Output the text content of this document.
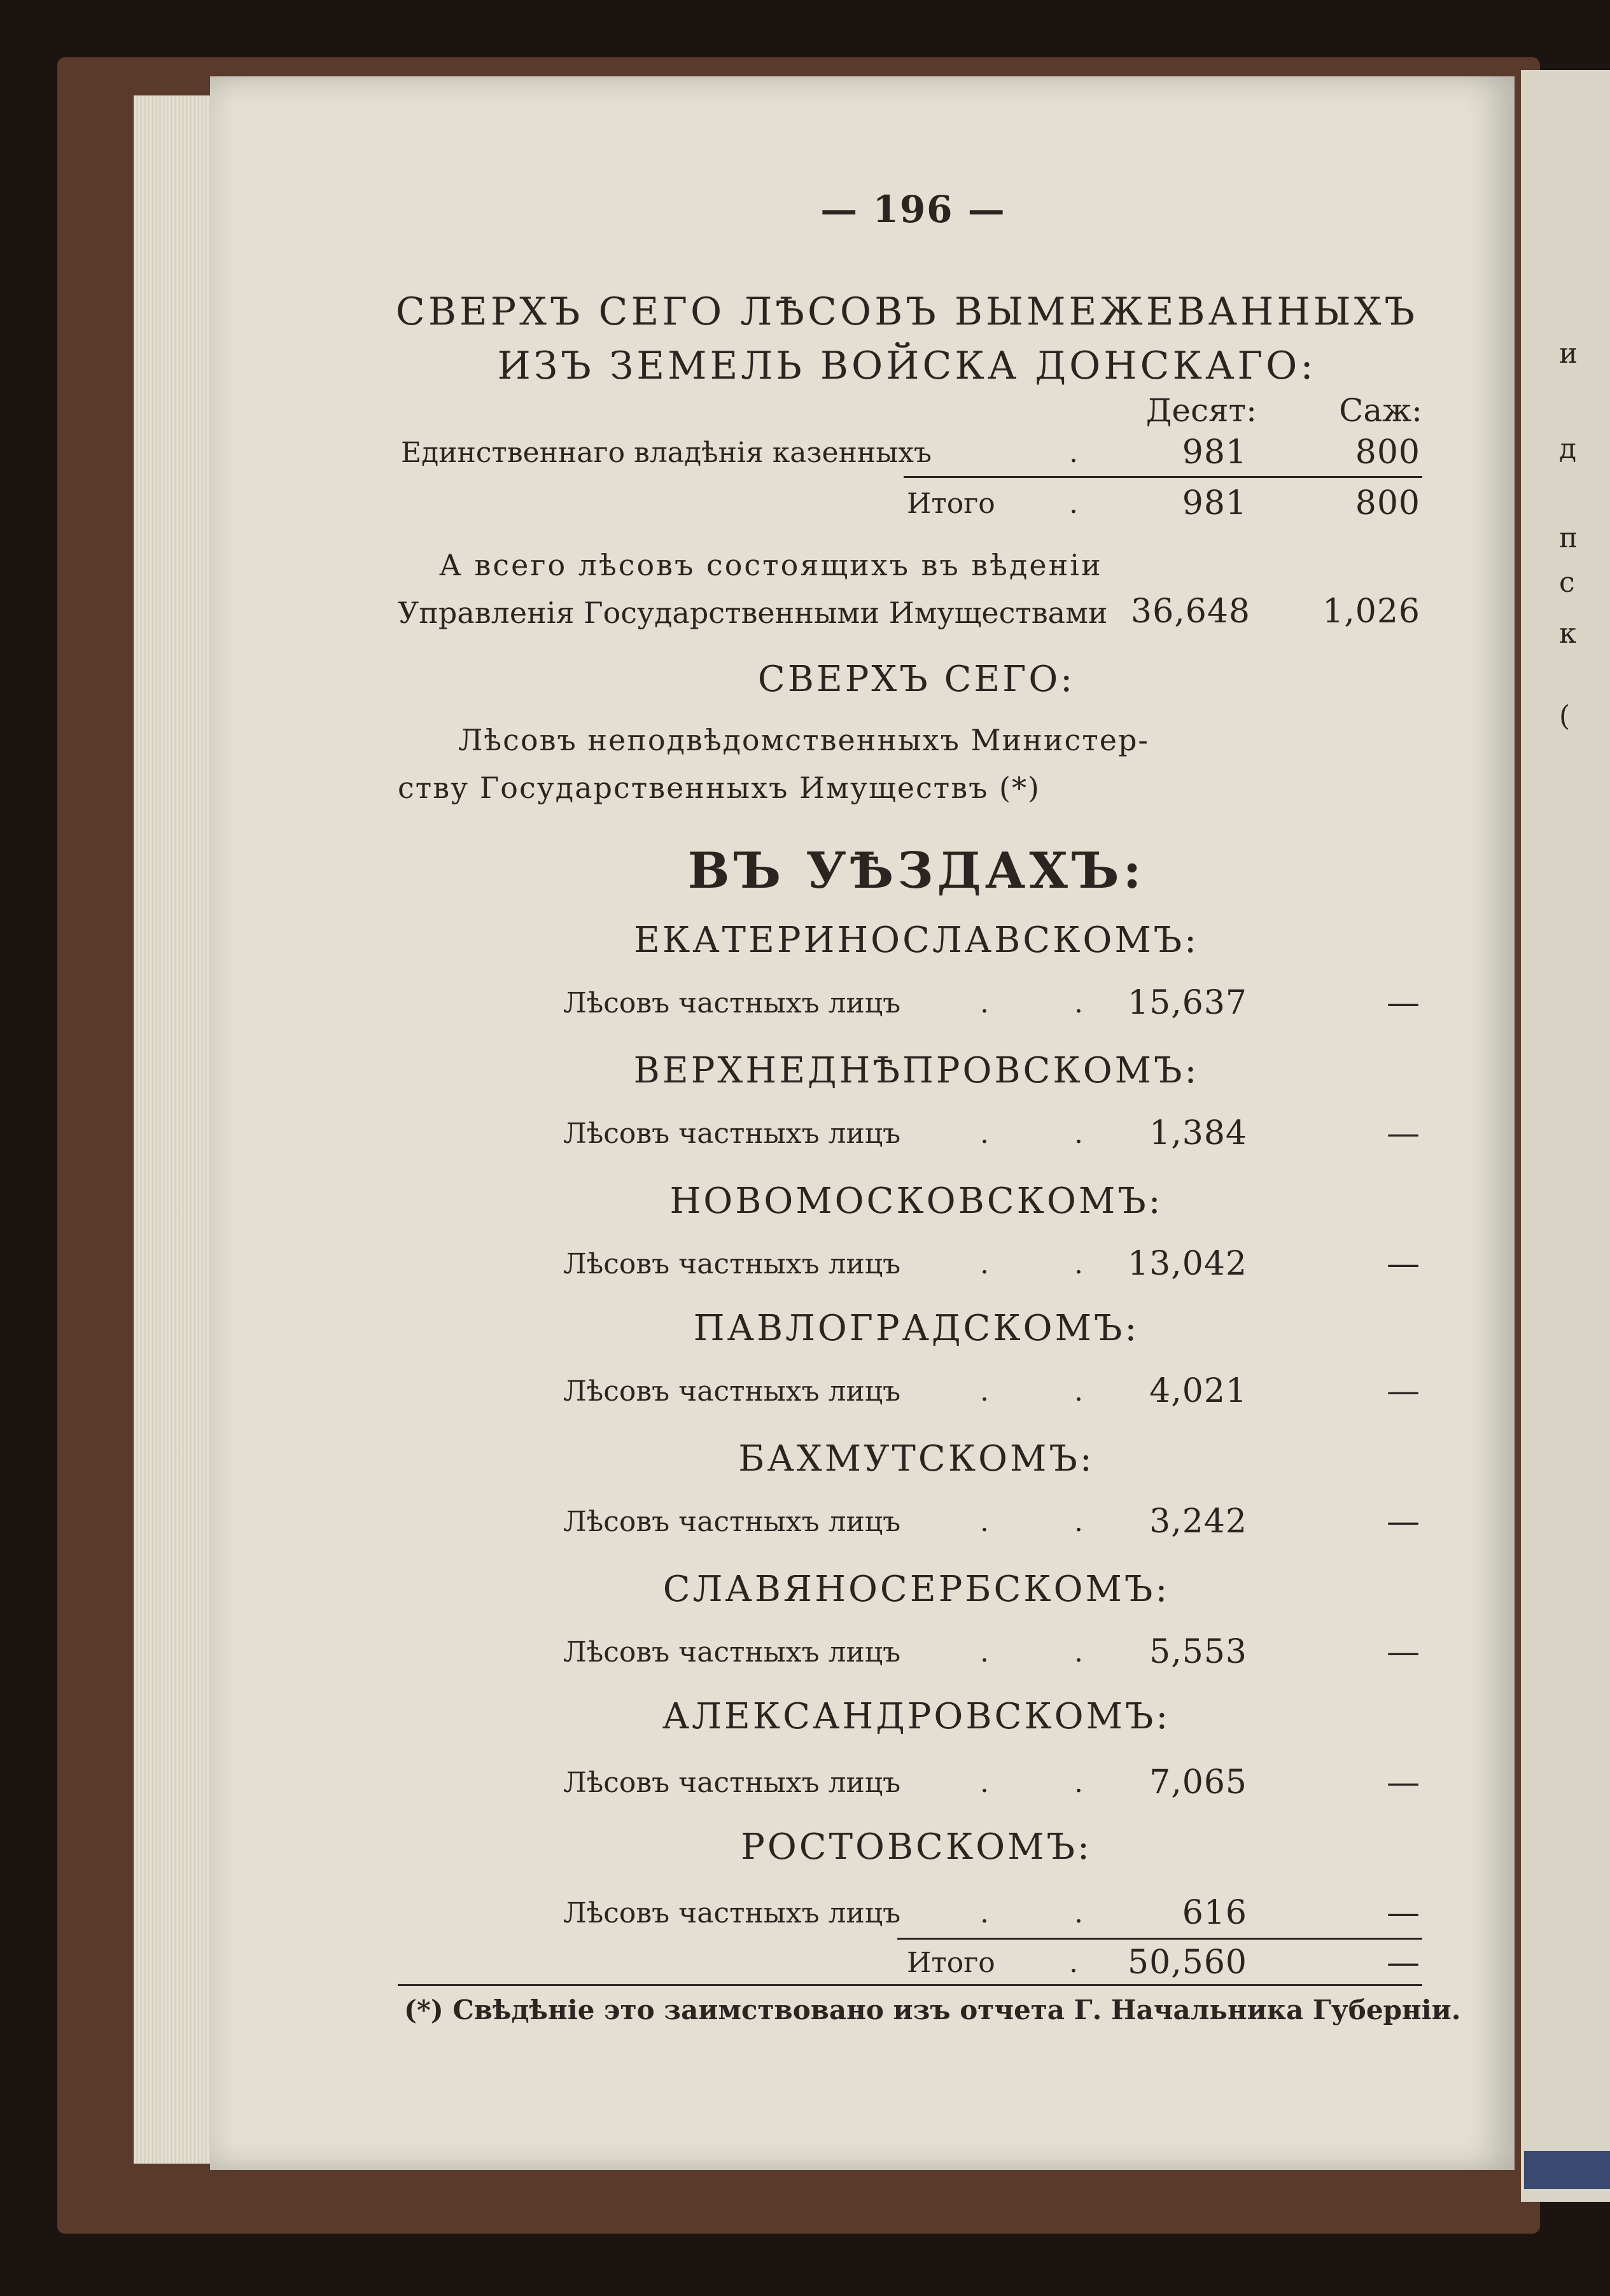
и
д
п
с
к
(
— 196 —
СВЕРХЪ СЕГО ЛѢСОВЪ ВЫМЕЖЕВАННЫХЪ
ИЗЪ ЗЕМЕЛЬ ВОЙСКА ДОНСКАГО:
Десят:	Саж:
Единственнаго владѣнія казенныхъ	.	981	800
Итого	.	981	800
А всего лѣсовъ состоящихъ въ вѣденіи
Управленія Государственными Имуществами 36,648 1,026
СВЕРХЪ СЕГО:
Лѣсовъ неподвѣдомственныхъ Министер-
ству Государственныхъ Имуществъ (*)
ВЪ УѢЗДАХЪ:
ЕКАТЕРИНОСЛАВСКОМЪ:
Лѣсовъ частныхъ лицъ	. . 15,637	—
ВЕРХНЕДНѢПРОВСКОМЪ:
Лѣсовъ частныхъ лицъ	. . 1,384	—
НОВОМОСКОВСКОМЪ:
Лѣсовъ частныхъ лицъ	. . 13,042	—
ПАВЛОГРАДСКОМЪ:
Лѣсовъ частныхъ лицъ	. . 4,021	—
БАХМУТСКОМЪ:
Лѣсовъ частныхъ лицъ	. . 3,242	—
СЛАВЯНОСЕРБСКОМЪ:
Лѣсовъ частныхъ лицъ	. . 5,553	—
АЛЕКСАНДРОВСКОМЪ:
Лѣсовъ частныхъ лицъ	. . 7,065	—
РОСТОВСКОМЪ:
Лѣсовъ частныхъ лицъ	. . 616	—
Итого	. 50,560	—
(*) Свѣдѣніе это заимствовано изъ отчета Г. Начальника Губерніи.
